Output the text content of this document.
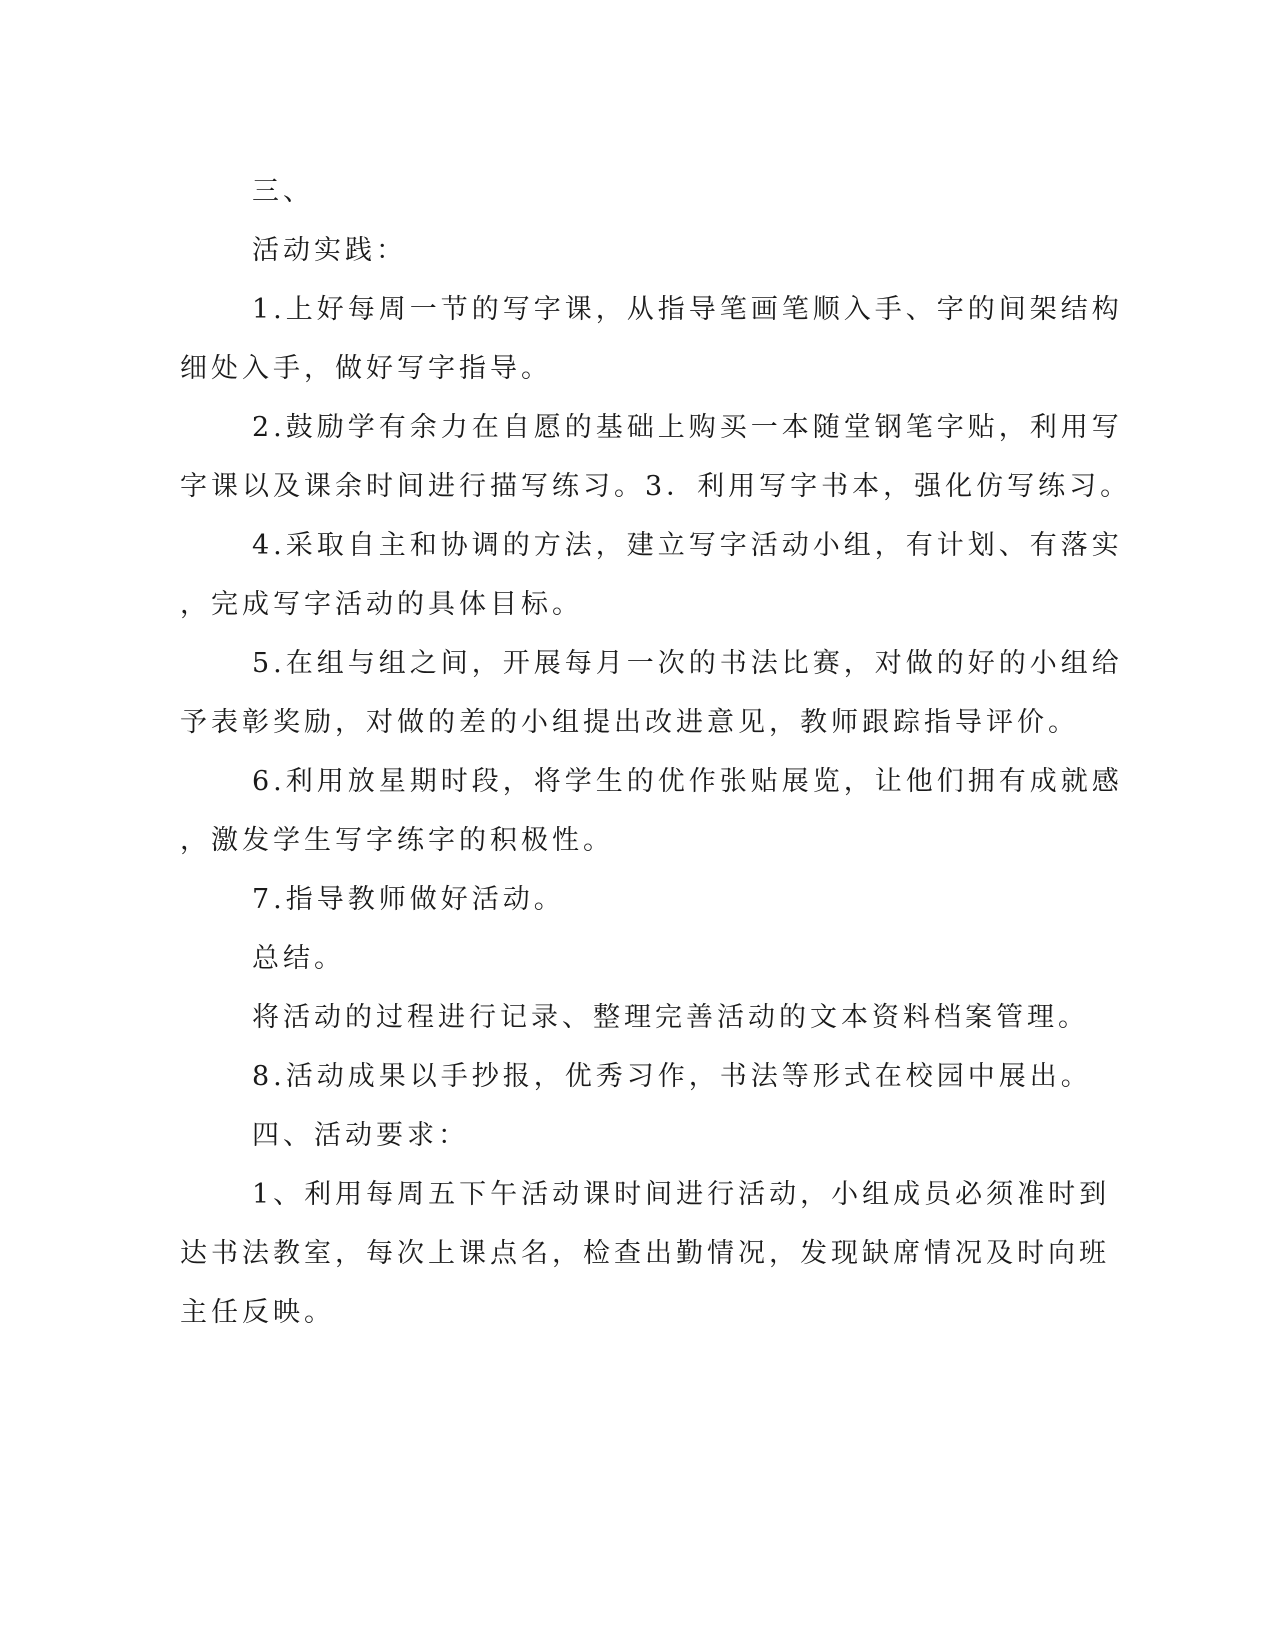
三、
活动实践：
1.上好每周一节的写字课，从指导笔画笔顺入手、字的间架结构
细处入手，做好写字指导。
2.鼓励学有余力在自愿的基础上购买一本随堂钢笔字贴，利用写
字课以及课余时间进行描写练习。3．利用写字书本，强化仿写练习。
4.采取自主和协调的方法，建立写字活动小组，有计划、有落实
，完成写字活动的具体目标。
5.在组与组之间，开展每月一次的书法比赛，对做的好的小组给
予表彰奖励，对做的差的小组提出改进意见，教师跟踪指导评价。
6.利用放星期时段，将学生的优作张贴展览，让他们拥有成就感
，激发学生写字练字的积极性。
7.指导教师做好活动。
总结。
将活动的过程进行记录、整理完善活动的文本资料档案管理。
8.活动成果以手抄报，优秀习作，书法等形式在校园中展出。
四、活动要求：
1、利用每周五下午活动课时间进行活动，小组成员必须准时到
达书法教室，每次上课点名，检查出勤情况，发现缺席情况及时向班
主任反映。
